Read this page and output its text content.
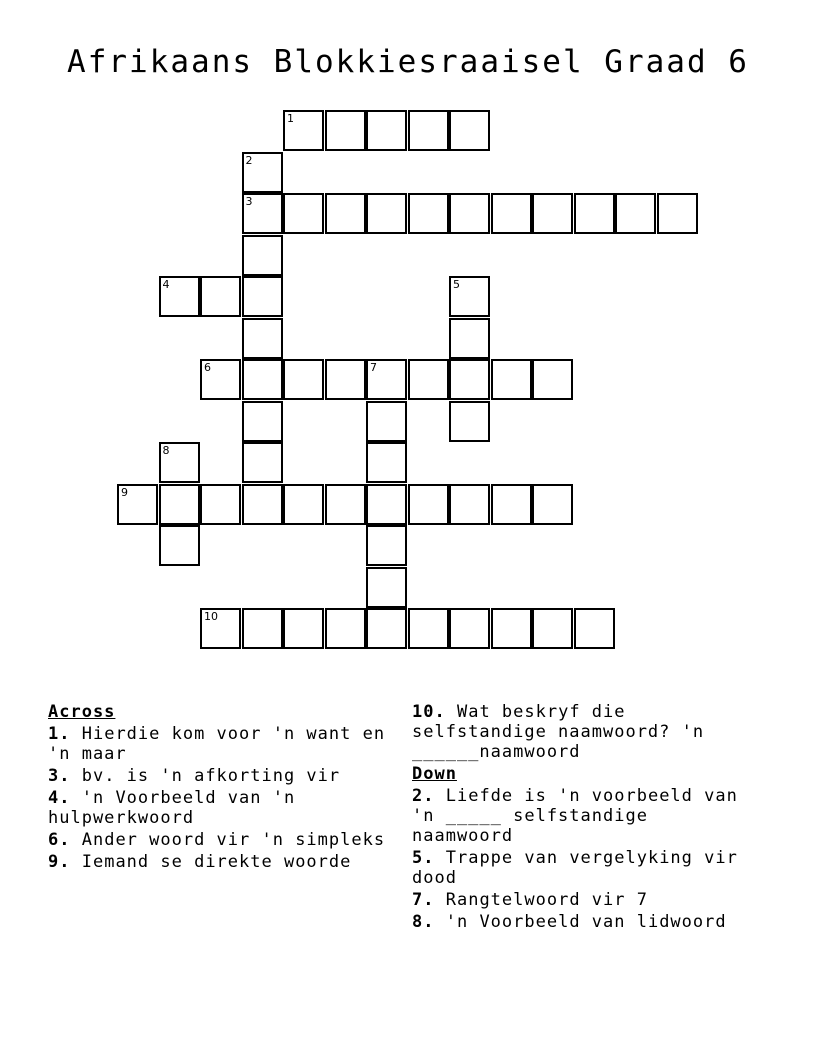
Afrikaans Blokkiesraaisel Graad 6
1
2
3
4	5
6	7
8
9
10
Across
1. Hierdie kom voor 'n want en 'n maar
3. bv. is 'n afkorting vir
4. 'n Voorbeeld van 'n hulpwerkwoord
6. Ander woord vir 'n simpleks
9. Iemand se direkte woorde
10. Wat beskryf die selfstandige naamwoord? 'n ______naamwoord
Down
2. Liefde is 'n voorbeeld van 'n _____ selfstandige naamwoord
5. Trappe van vergelyking vir dood
7. Rangtelwoord vir 7
8. 'n Voorbeeld van lidwoord
